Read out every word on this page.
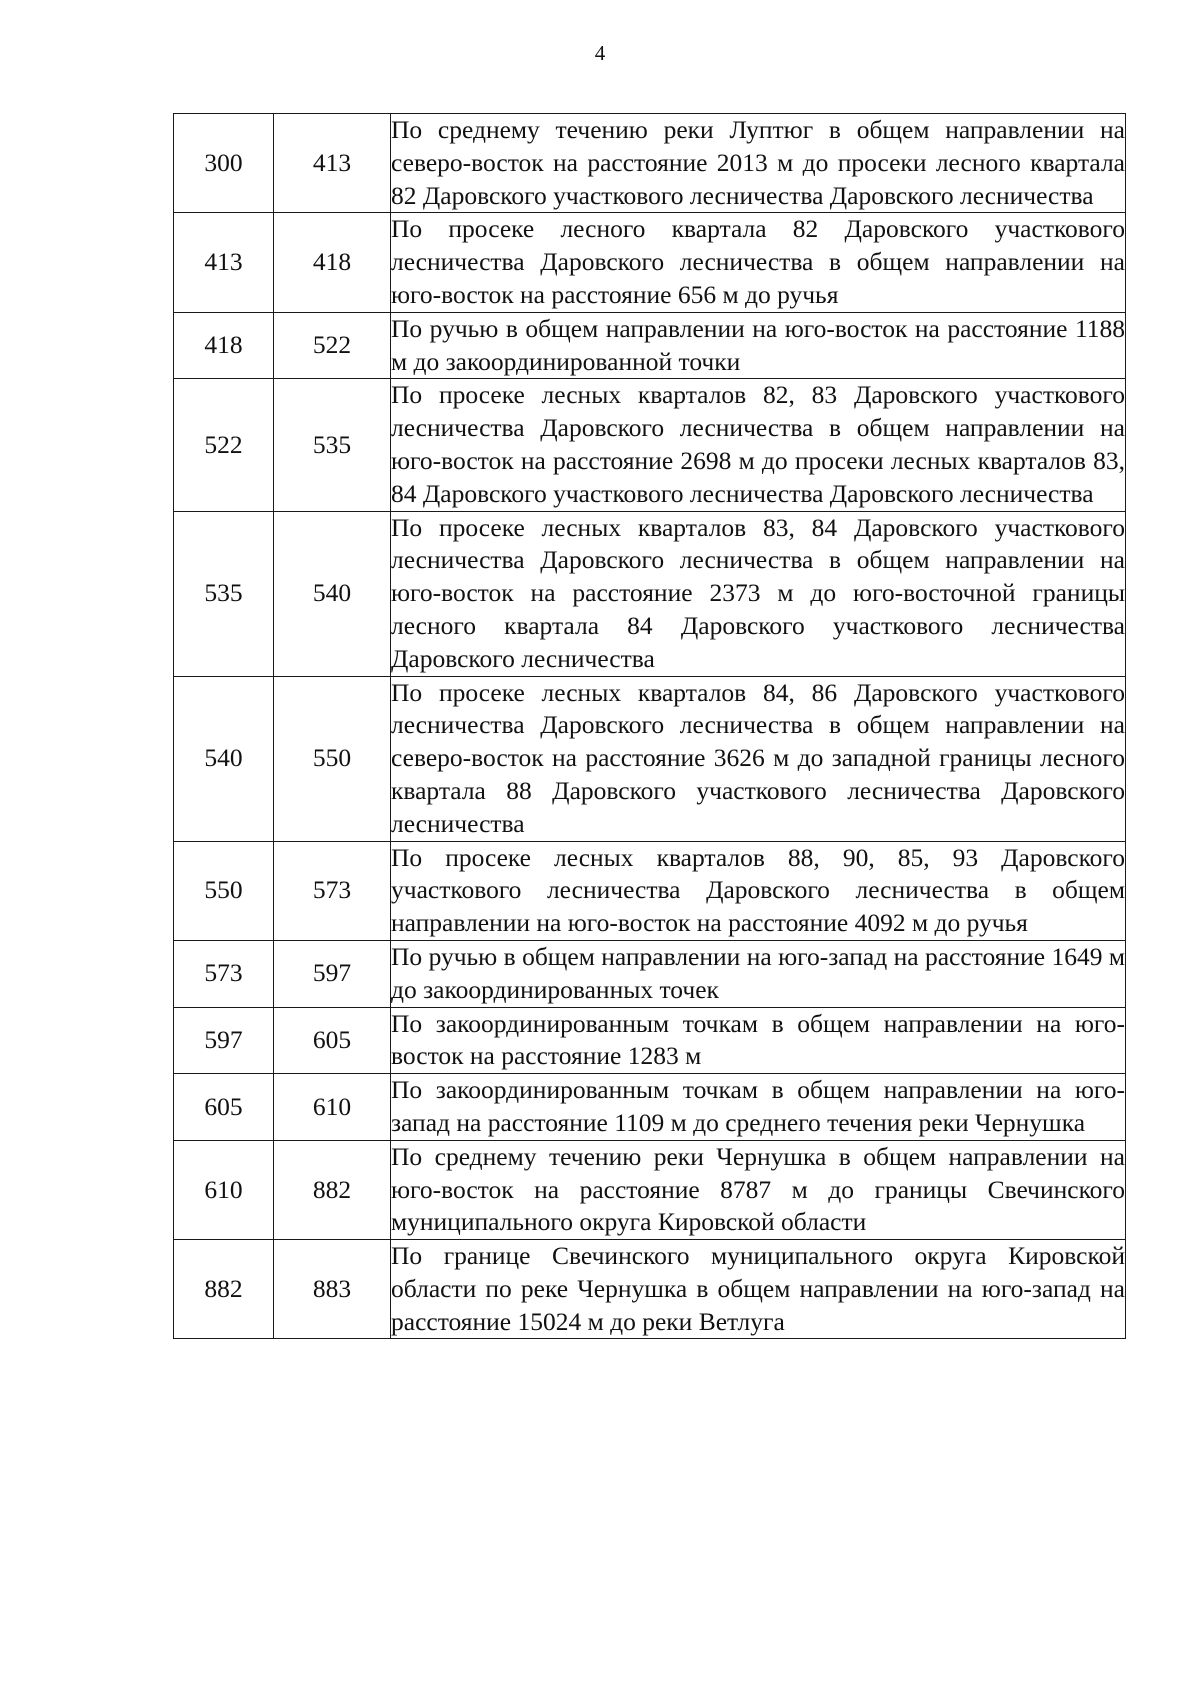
4
300	413	По среднему течению реки Луптюг в общем направлении на северо-восток на расстояние 2013 м до просеки лесного квартала 82 Даровского участкового лесничества Даровского лесничества
413	418	По просеке лесного квартала 82 Даровского участкового лесничества Даровского лесничества в общем направлении на юго-восток на расстояние 656 м до ручья
418	522	По ручью в общем направлении на юго-восток на расстояние 1188 м до закоординированной точки
522	535	По просеке лесных кварталов 82, 83 Даровского участкового лесничества Даровского лесничества в общем направлении на юго-восток на расстояние 2698 м до просеки лесных кварталов 83, 84 Даровского участкового лесничества Даровского лесничества
535	540	По просеке лесных кварталов 83, 84 Даровского участкового лесничества Даровского лесничества в общем направлении на юго-восток на расстояние 2373 м до юго-восточной границы лесного квартала 84 Даровского участкового лесничества Даровского лесничества
540	550	По просеке лесных кварталов 84, 86 Даровского участкового лесничества Даровского лесничества в общем направлении на северо-восток на расстояние 3626 м до западной границы лесного квартала 88 Даровского участкового лесничества Даровского лесничества
550	573	По просеке лесных кварталов 88, 90, 85, 93 Даровского участкового лесничества Даровского лесничества в общем направлении на юго-восток на расстояние 4092 м до ручья
573	597	По ручью в общем направлении на юго-запад на расстояние 1649 м до закоординированных точек
597	605	По закоординированным точкам в общем направлении на юго-восток на расстояние 1283 м
605	610	По закоординированным точкам в общем направлении на юго-запад на расстояние 1109 м до среднего течения реки Чернушка
610	882	По среднему течению реки Чернушка в общем направлении на юго-восток на расстояние 8787 м до границы Свечинского муниципального округа Кировской области
882	883	По границе Свечинского муниципального округа Кировской области по реке Чернушка в общем направлении на юго-запад на расстояние 15024 м до реки Ветлуга
